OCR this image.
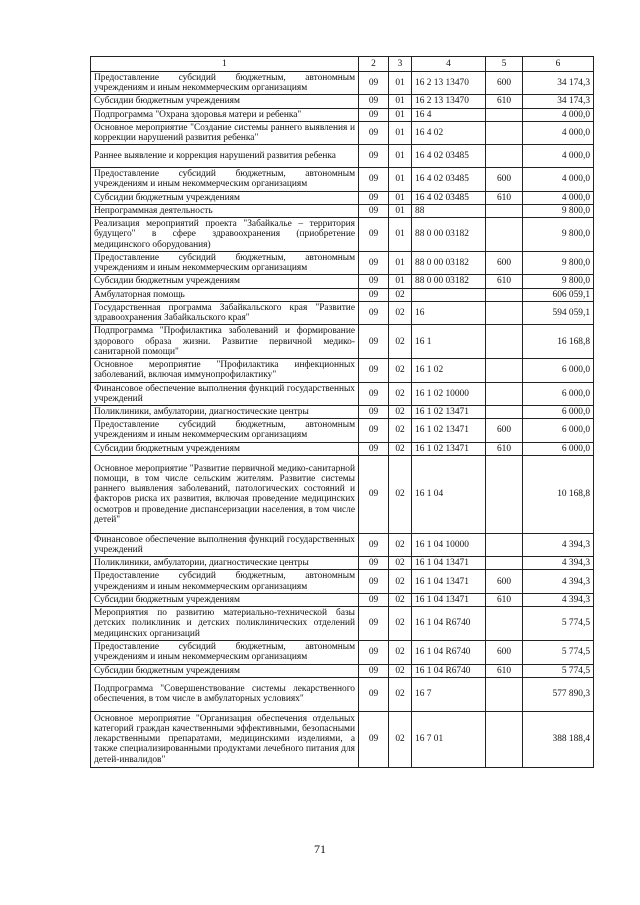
1	2	3	4	5	6
Предоставление субсидий бюджетным, автономным учреждениям и иным некоммерческим организациям	09	01	16 2 13 13470	600	34 174,3
Субсидии бюджетным учреждениям	09	01	16 2 13 13470	610	34 174,3
Подпрограмма "Охрана здоровья матери и ребенка"	09	01	16 4		4 000,0
Основное мероприятие "Создание системы раннего выявления и коррекции нарушений развития ребенка"	09	01	16 4 02		4 000,0
Раннее выявление и коррекция нарушений развития ребенка	09	01	16 4 02 03485		4 000,0
Предоставление субсидий бюджетным, автономным учреждениям и иным некоммерческим организациям	09	01	16 4 02 03485	600	4 000,0
Субсидии бюджетным учреждениям	09	01	16 4 02 03485	610	4 000,0
Непрограммная деятельность	09	01	88		9 800,0
Реализация мероприятий проекта "Забайкалье – территория будущего" в сфере здравоохранения (приобретение медицинского оборудования)	09	01	88 0 00 03182		9 800,0
Предоставление субсидий бюджетным, автономным учреждениям и иным некоммерческим организациям	09	01	88 0 00 03182	600	9 800,0
Субсидии бюджетным учреждениям	09	01	88 0 00 03182	610	9 800,0
Амбулаторная помощь	09	02			606 059,1
Государственная программа Забайкальского края "Развитие здравоохранения Забайкальского края"	09	02	16		594 059,1
Подпрограмма "Профилактика заболеваний и формирование здорового образа жизни. Развитие первичной медико-санитарной помощи"	09	02	16 1		16 168,8
Основное мероприятие "Профилактика инфекционных заболеваний, включая иммунопрофилактику"	09	02	16 1 02		6 000,0
Финансовое обеспечение выполнения функций государственных учреждений	09	02	16 1 02 10000		6 000,0
Поликлиники, амбулатории, диагностические центры	09	02	16 1 02 13471		6 000,0
Предоставление субсидий бюджетным, автономным учреждениям и иным некоммерческим организациям	09	02	16 1 02 13471	600	6 000,0
Субсидии бюджетным учреждениям	09	02	16 1 02 13471	610	6 000,0
Основное мероприятие "Развитие первичной медико-санитарной помощи, в том числе сельским жителям. Развитие системы раннего выявления заболеваний, патологических состояний и факторов риска их развития, включая проведение медицинских осмотров и проведение диспансеризации населения, в том числе детей"	09	02	16 1 04		10 168,8
Финансовое обеспечение выполнения функций государственных учреждений	09	02	16 1 04 10000		4 394,3
Поликлиники, амбулатории, диагностические центры	09	02	16 1 04 13471		4 394,3
Предоставление субсидий бюджетным, автономным учреждениям и иным некоммерческим организациям	09	02	16 1 04 13471	600	4 394,3
Субсидии бюджетным учреждениям	09	02	16 1 04 13471	610	4 394,3
Мероприятия по развитию материально-технической базы детских поликлиник и детских поликлинических отделений медицинских организаций	09	02	16 1 04 R6740		5 774,5
Предоставление субсидий бюджетным, автономным учреждениям и иным некоммерческим организациям	09	02	16 1 04 R6740	600	5 774,5
Субсидии бюджетным учреждениям	09	02	16 1 04 R6740	610	5 774,5
Подпрограмма "Совершенствование системы лекарственного обеспечения, в том числе в амбулаторных условиях"	09	02	16 7		577 890,3
Основное мероприятие "Организация обеспечения отдельных категорий граждан качественными эффективными, безопасными лекарственными препаратами, медицинскими изделиями, а также специализированными продуктами лечебного питания для детей-инвалидов"	09	02	16 7 01		388 188,4
71
